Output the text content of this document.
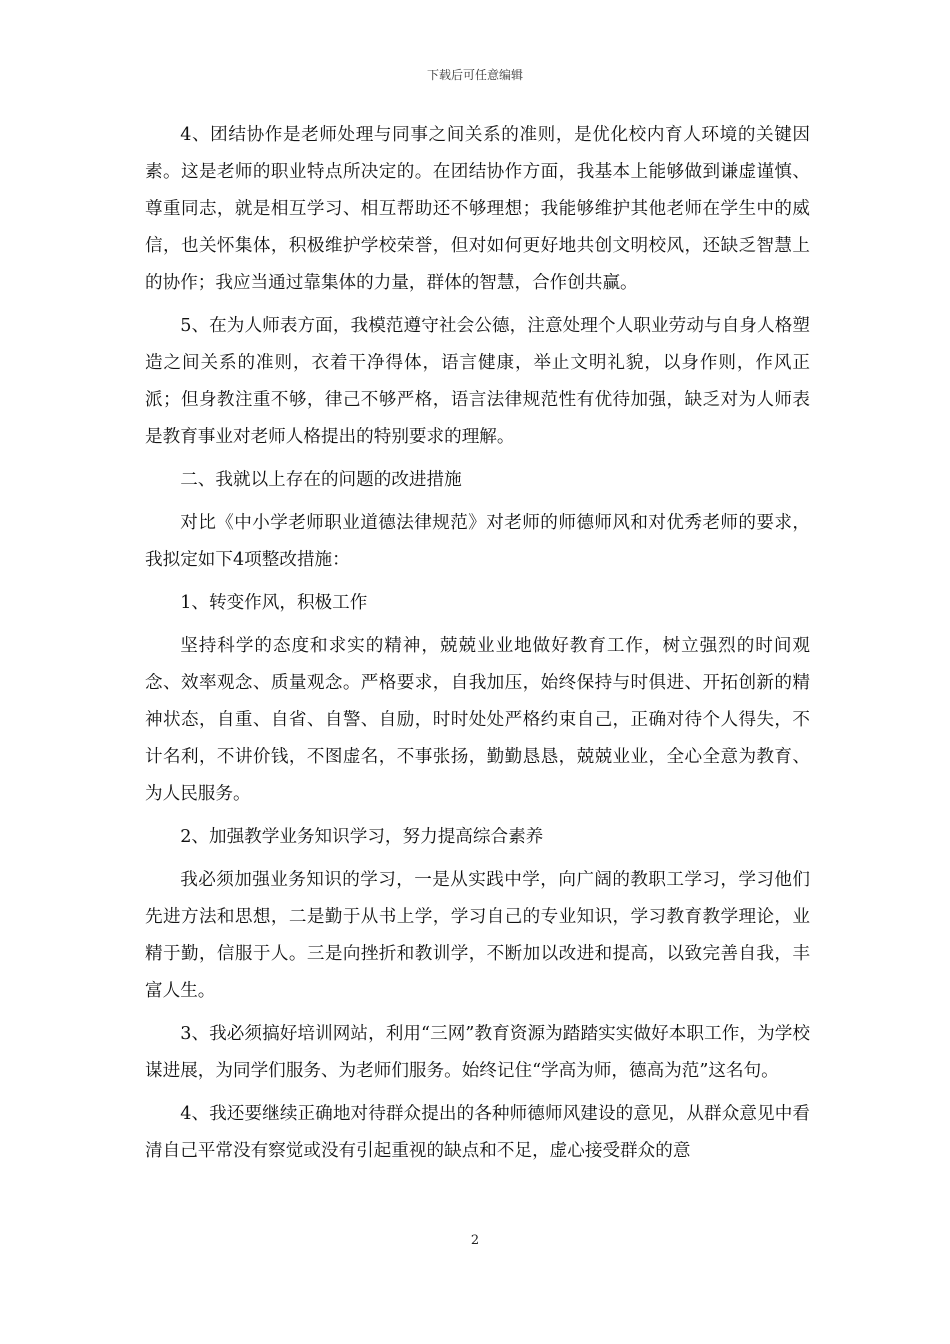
下载后可任意编辑

4、团结协作是老师处理与同事之间关系的准则，是优化校内育人环境的关键因素。这是老师的职业特点所决定的。在团结协作方面，我基本上能够做到谦虚谨慎、尊重同志，就是相互学习、相互帮助还不够理想；我能够维护其他老师在学生中的威信，也关怀集体，积极维护学校荣誉，但对如何更好地共创文明校风，还缺乏智慧上的协作；我应当通过靠集体的力量，群体的智慧，合作创共赢。

5、在为人师表方面，我模范遵守社会公德，注意处理个人职业劳动与自身人格塑造之间关系的准则，衣着干净得体，语言健康，举止文明礼貌，以身作则，作风正派；但身教注重不够，律己不够严格，语言法律规范性有优待加强，缺乏对为人师表是教育事业对老师人格提出的特别要求的理解。

二、我就以上存在的问题的改进措施

对比《中小学老师职业道德法律规范》对老师的师德师风和对优秀老师的要求，我拟定如下4项整改措施：

1、转变作风，积极工作

坚持科学的态度和求实的精神，兢兢业业地做好教育工作，树立强烈的时间观念、效率观念、质量观念。严格要求，自我加压，始终保持与时俱进、开拓创新的精神状态，自重、自省、自警、自励，时时处处严格约束自己，正确对待个人得失，不计名利，不讲价钱，不图虚名，不事张扬，勤勤恳恳，兢兢业业，全心全意为教育、为人民服务。

2、加强教学业务知识学习，努力提高综合素养

我必须加强业务知识的学习，一是从实践中学，向广阔的教职工学习，学习他们先进方法和思想，二是勤于从书上学，学习自己的专业知识，学习教育教学理论，业精于勤，信服于人。三是向挫折和教训学，不断加以改进和提高，以致完善自我，丰富人生。

3、我必须搞好培训网站，利用“三网”教育资源为踏踏实实做好本职工作，为学校谋进展，为同学们服务、为老师们服务。始终记住“学高为师，德高为范”这名句。

4、我还要继续正确地对待群众提出的各种师德师风建设的意见，从群众意见中看清自己平常没有察觉或没有引起重视的缺点和不足，虚心接受群众的意

2
